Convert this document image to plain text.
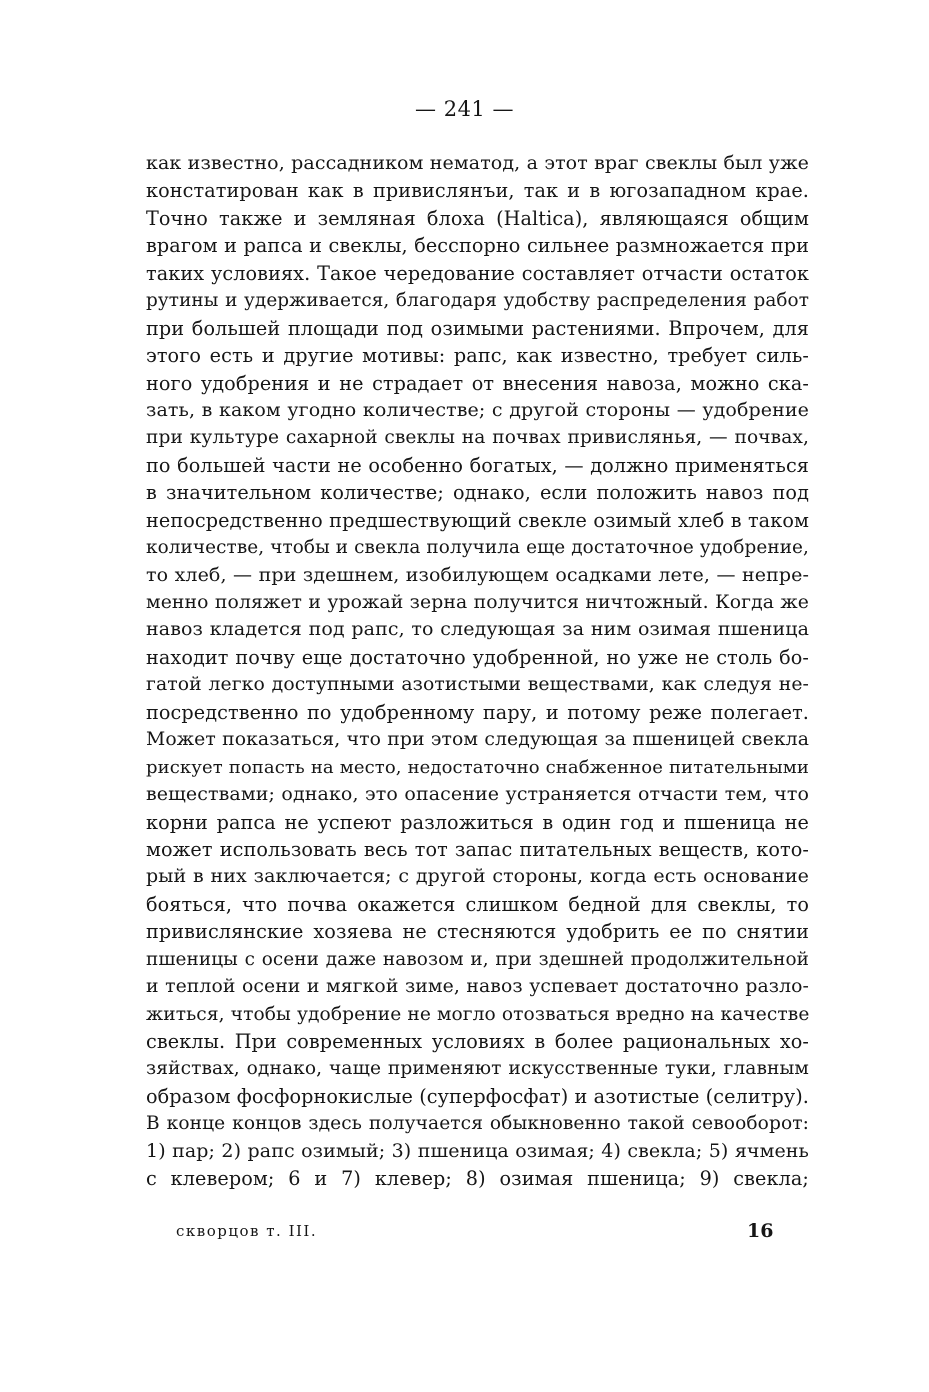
— 241 —
как известно, рассадником нематод, а этот враг свеклы был уже
констатирован как в привислянъи, так и в югозападном крае.
Точно также и земляная блоха (Haltica), являющаяся общим
врагом и рапса и свеклы, бесспорно сильнее размножается при
таких условиях. Такое чередование составляет отчасти остаток
рутины и удерживается, благодаря удобству распределения работ
при большей площади под озимыми растениями. Впрочем, для
этого есть и другие мотивы: рапс, как известно, требует силь-
ного удобрения и не страдает от внесения навоза, можно ска-
зать, в каком угодно количестве; с другой стороны — удобрение
при культуре сахарной свеклы на почвах привислянья, — почвах,
по большей части не особенно богатых, — должно применяться
в значительном количестве; однако, если положить навоз под
непосредственно предшествующий свекле озимый хлеб в таком
количестве, чтобы и свекла получила еще достаточное удобрение,
то хлеб, — при здешнем, изобилующем осадками лете, — непре-
менно поляжет и урожай зерна получится ничтожный. Когда же
навоз кладется под рапс, то следующая за ним озимая пшеница
находит почву еще достаточно удобренной, но уже не столь бо-
гатой легко доступными азотистыми веществами, как следуя не-
посредственно по удобренному пару, и потому реже полегает.
Может показаться, что при этом следующая за пшеницей свекла
рискует попасть на место, недостаточно снабженное питательными
веществами; однако, это опасение устраняется отчасти тем, что
корни рапса не успеют разложиться в один год и пшеница не
может использовать весь тот запас питательных веществ, кото-
рый в них заключается; с другой стороны, когда есть основание
бояться, что почва окажется слишком бедной для свеклы, то
привислянские хозяева не стесняются удобрить ее по снятии
пшеницы с осени даже навозом и, при здешней продолжительной
и теплой осени и мягкой зиме, навоз успевает достаточно разло-
житься, чтобы удобрение не могло отозваться вредно на качестве
свеклы. При современных условиях в более рациональных хо-
зяйствах, однако, чаще применяют искусственные туки, главным
образом фосфорнокислые (суперфосфат) и азотистые (селитру).
В конце концов здесь получается обыкновенно такой севооборот:
1) пар; 2) рапс озимый; 3) пшеница озимая; 4) свекла; 5) ячмень
с клевером; 6 и 7) клевер; 8) озимая пшеница; 9) свекла;
скворцов т. III.	16
